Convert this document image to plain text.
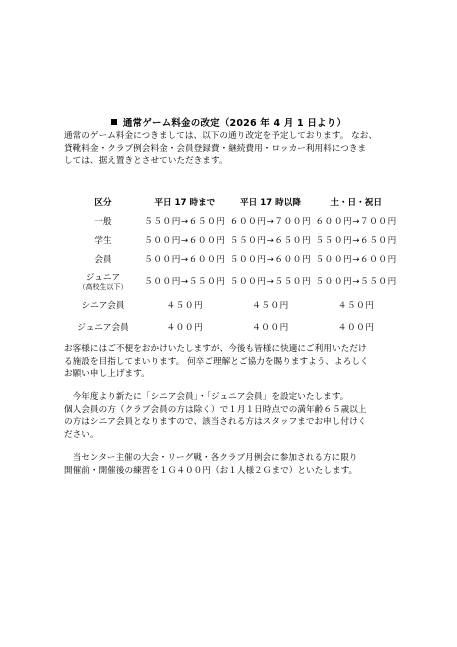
通常ゲーム料金の改定（2026 年 4 月 1 日より）
通常のゲーム料金につきましては、以下の通り改定を予定しております。 なお、
貸靴料金・クラブ例会料金・会員登録費・継続費用・ロッカー利用料につきま
しては、据え置きとさせていただきます。
区分	平日 17 時まで	平日 17 時以降	土・日・祝日
一般	５５０円→６５０円	６００円→７００円	６００円→７００円
学生	５００円→６００円	５５０円→６５０円	５５０円→６５０円
会員	５００円→６００円	５００円→６００円	５００円→６００円
ジュニア
（高校生以下）	５００円→５５０円	５００円→５５０円	５００円→５５０円
シニア会員	４５０円	４５０円	４５０円
ジュニア会員	４００円	４００円	４００円
お客様にはご不便をおかけいたしますが、今後も皆様に快適にご利用いただけ
る施設を目指してまいります。 何卒ご理解とご協力を賜りますよう、よろしく
お願い申し上げます。
　今年度より新たに「シニア会員」・「ジュニア会員」を設定いたします。
個人会員の方（クラブ会員の方は除く）で１月１日時点での満年齢６５歳以上
の方はシニア会員となりますので、該当される方はスタッフまでお申し付けく
ださい。
　当センター主催の大会・リーグ戦・各クラブ月例会に参加される方に限り
開催前・開催後の練習を１Ｇ４００円（お１人様２Ｇまで）といたします。
